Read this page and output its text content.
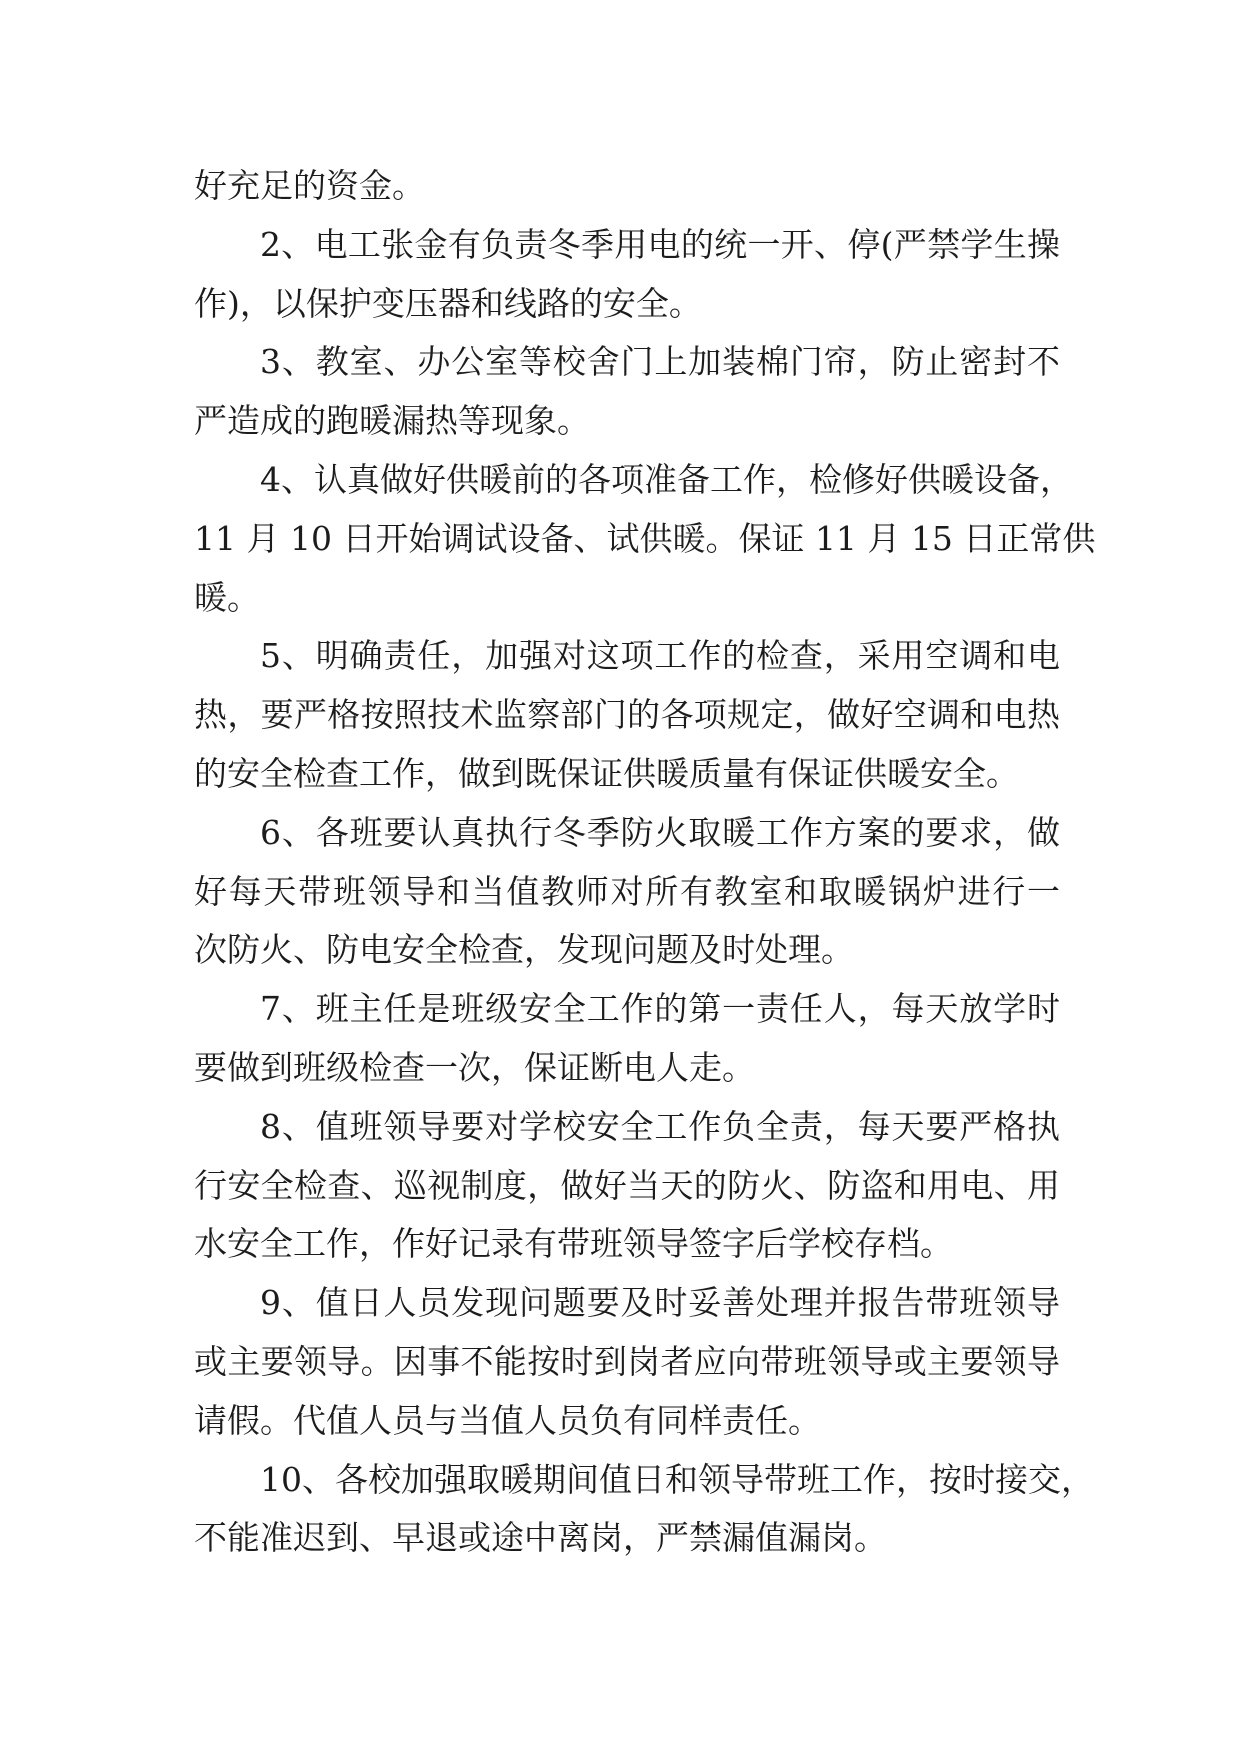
好充足的资金。
2、电工张金有负责冬季用电的统一开、停(严禁学生操
作)，以保护变压器和线路的安全。
3、教室、办公室等校舍门上加装棉门帘，防止密封不
严造成的跑暖漏热等现象。
4、认真做好供暖前的各项准备工作，检修好供暖设备，
11 月 10 日开始调试设备、试供暖。保证 11 月 15 日正常供
暖。
5、明确责任，加强对这项工作的检查，采用空调和电
热，要严格按照技术监察部门的各项规定，做好空调和电热
的安全检查工作，做到既保证供暖质量有保证供暖安全。
6、各班要认真执行冬季防火取暖工作方案的要求，做
好每天带班领导和当值教师对所有教室和取暖锅炉进行一
次防火、防电安全检查，发现问题及时处理。
7、班主任是班级安全工作的第一责任人，每天放学时
要做到班级检查一次，保证断电人走。
8、值班领导要对学校安全工作负全责，每天要严格执
行安全检查、巡视制度，做好当天的防火、防盗和用电、用
水安全工作，作好记录有带班领导签字后学校存档。
9、值日人员发现问题要及时妥善处理并报告带班领导
或主要领导。因事不能按时到岗者应向带班领导或主要领导
请假。代值人员与当值人员负有同样责任。
10、各校加强取暖期间值日和领导带班工作，按时接交，
不能准迟到、早退或途中离岗，严禁漏值漏岗。
